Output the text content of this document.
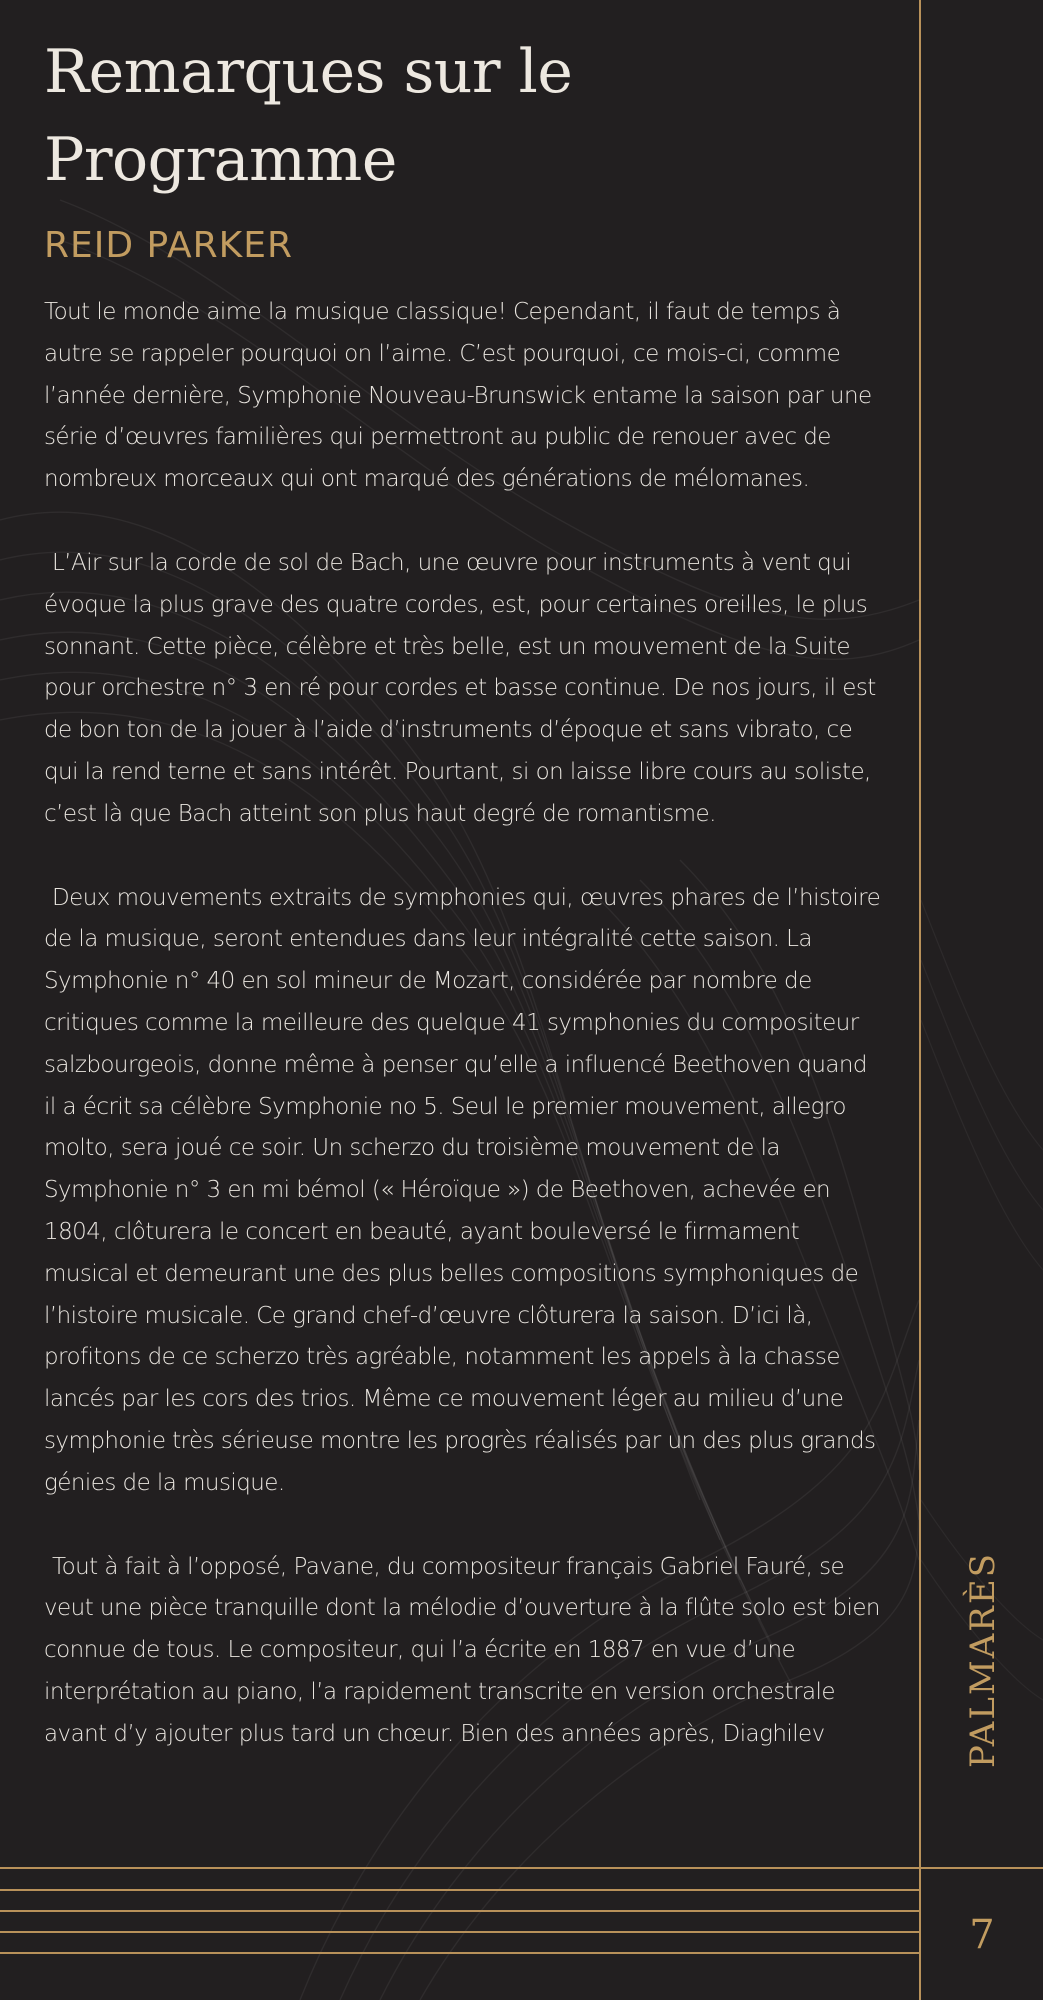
Remarques sur le
Programme
REID PARKER

Tout le monde aime la musique classique! Cependant, il faut de temps à autre se rappeler pourquoi on l’aime. C’est pourquoi, ce mois-ci, comme l’année dernière, Symphonie Nouveau-Brunswick entame la saison par une série d’œuvres familières qui permettront au public de renouer avec de nombreux morceaux qui ont marqué des générations de mélomanes.

L’Air sur la corde de sol de Bach, une œuvre pour instruments à vent qui évoque la plus grave des quatre cordes, est, pour certaines oreilles, le plus sonnant. Cette pièce, célèbre et très belle, est un mouvement de la Suite pour orchestre n° 3 en ré pour cordes et basse continue. De nos jours, il est de bon ton de la jouer à l’aide d’instruments d’époque et sans vibrato, ce qui la rend terne et sans intérêt. Pourtant, si on laisse libre cours au soliste, c’est là que Bach atteint son plus haut degré de romantisme.

Deux mouvements extraits de symphonies qui, œuvres phares de l’histoire de la musique, seront entendues dans leur intégralité cette saison. La Symphonie n° 40 en sol mineur de Mozart, considérée par nombre de critiques comme la meilleure des quelque 41 symphonies du compositeur salzbourgeois, donne même à penser qu’elle a influencé Beethoven quand il a écrit sa célèbre Symphonie no 5. Seul le premier mouvement, allegro molto, sera joué ce soir. Un scherzo du troisième mouvement de la Symphonie n° 3 en mi bémol (« Héroïque ») de Beethoven, achevée en 1804, clôturera le concert en beauté, ayant bouleversé le firmament musical et demeurant une des plus belles compositions symphoniques de l’histoire musicale. Ce grand chef-d’œuvre clôturera la saison. D’ici là, profitons de ce scherzo très agréable, notamment les appels à la chasse lancés par les cors des trios. Même ce mouvement léger au milieu d’une symphonie très sérieuse montre les progrès réalisés par un des plus grands génies de la musique.

Tout à fait à l’opposé, Pavane, du compositeur français Gabriel Fauré, se veut une pièce tranquille dont la mélodie d’ouverture à la flûte solo est bien connue de tous. Le compositeur, qui l’a écrite en 1887 en vue d’une interprétation au piano, l’a rapidement transcrite en version orchestrale avant d’y ajouter plus tard un chœur. Bien des années après, Diaghilev	PALMARÈS
7
